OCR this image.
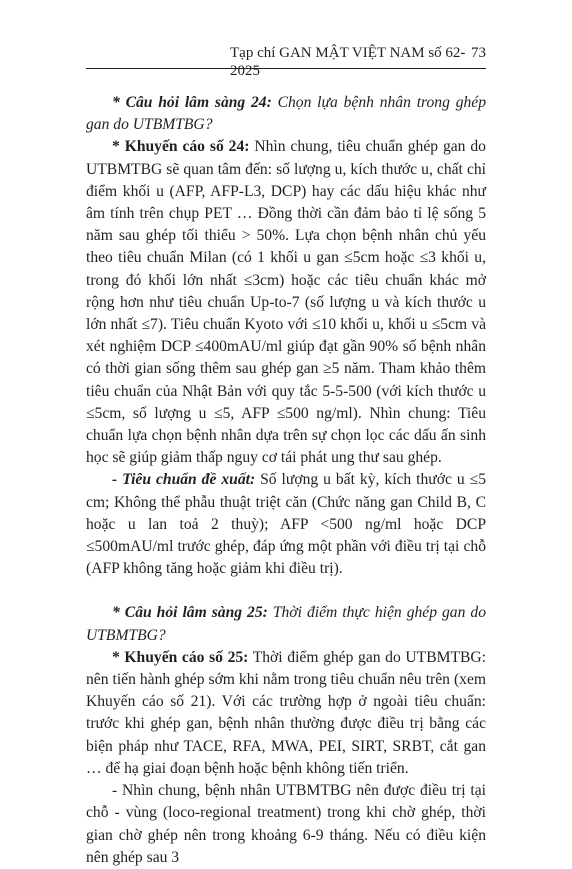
Tạp chí GAN MẬT VIỆT NAM số 62-2025
73

* Câu hỏi lâm sàng 24: Chọn lựa bệnh nhân trong ghép gan do UTBMTBG?

* Khuyến cáo số 24: Nhìn chung, tiêu chuẩn ghép gan do UTBMTBG sẽ quan tâm đến: số lượng u, kích thước u, chất chỉ điểm khối u (AFP, AFP-L3, DCP) hay các dấu hiệu khác như âm tính trên chụp PET … Đồng thời cần đảm bảo tỉ lệ sống 5 năm sau ghép tối thiểu > 50%. Lựa chọn bệnh nhân chủ yếu theo tiêu chuẩn Milan (có 1 khối u gan ≤5cm hoặc ≤3 khối u, trong đó khối lớn nhất ≤3cm) hoặc các tiêu chuẩn khác mở rộng hơn như tiêu chuẩn Up-to-7 (số lượng u và kích thước u lớn nhất ≤7). Tiêu chuẩn Kyoto với ≤10 khối u, khối u ≤5cm và xét nghiệm DCP ≤400mAU/ml giúp đạt gần 90% số bệnh nhân có thời gian sống thêm sau ghép gan ≥5 năm. Tham khảo thêm tiêu chuẩn của Nhật Bản với quy tắc 5-5-500 (với kích thước u ≤5cm, số lượng u ≤5, AFP ≤500 ng/ml). Nhìn chung: Tiêu chuẩn lựa chọn bệnh nhân dựa trên sự chọn lọc các dấu ấn sinh học sẽ giúp giảm thấp nguy cơ tái phát ung thư sau ghép.

- Tiêu chuẩn đề xuất: Số lượng u bất kỳ, kích thước u ≤5 cm; Không thể phẫu thuật triệt căn (Chức năng gan Child B, C hoặc u lan toả 2 thuỳ); AFP <500 ng/ml hoặc DCP ≤500mAU/ml trước ghép, đáp ứng một phần với điều trị tại chỗ (AFP không tăng hoặc giảm khi điều trị).

* Câu hỏi lâm sàng 25: Thời điểm thực hiện ghép gan do UTBMTBG?

* Khuyến cáo số 25: Thời điểm ghép gan do UTBMTBG: nên tiến hành ghép sớm khi nằm trong tiêu chuẩn nêu trên (xem Khuyến cáo số 21). Với các trường hợp ở ngoài tiêu chuẩn: trước khi ghép gan, bệnh nhân thường được điều trị bằng các biện pháp như TACE, RFA, MWA, PEI, SIRT, SRBT, cắt gan … để hạ giai đoạn bệnh hoặc bệnh không tiến triển.

- Nhìn chung, bệnh nhân UTBMTBG nên được điều trị tại chỗ - vùng (loco-regional treatment) trong khi chờ ghép, thời gian chờ ghép nên trong khoảng 6-9 tháng. Nếu có điều kiện nên ghép sau 3
